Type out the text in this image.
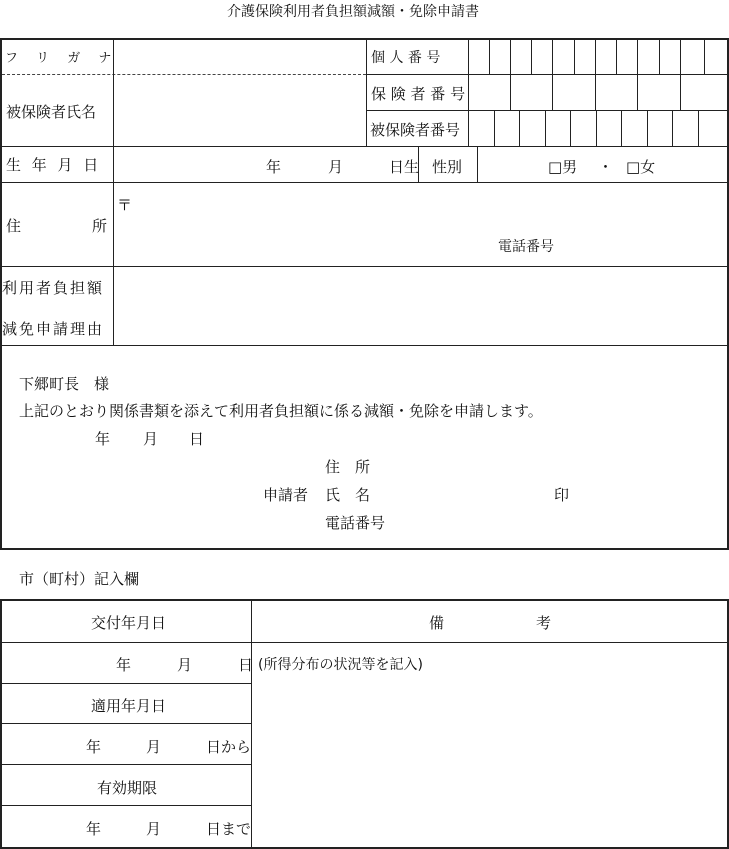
介護保険利用者負担額減額・免除申請書
フ リ ガ ナ	個 人 番 号
被保険者氏名
保 険 者 番 号
被保険者番号
生 年 月 日	年	月	日生 性別	□男 ・ □女
住	所
〒
電話番号
利用者負担額
減免申請理由
下郷町長　様
上記のとおり関係書類を添えて利用者負担額に係る減額・免除を申請します。
年 月 日
住　所
申請者 氏　名	印
電話番号
市（町村）記入欄
交付年月日	備	考
年	月	日 (所得分布の状況等を記入)
適用年月日
年	月	日から
有効期限
年	月	日まで
